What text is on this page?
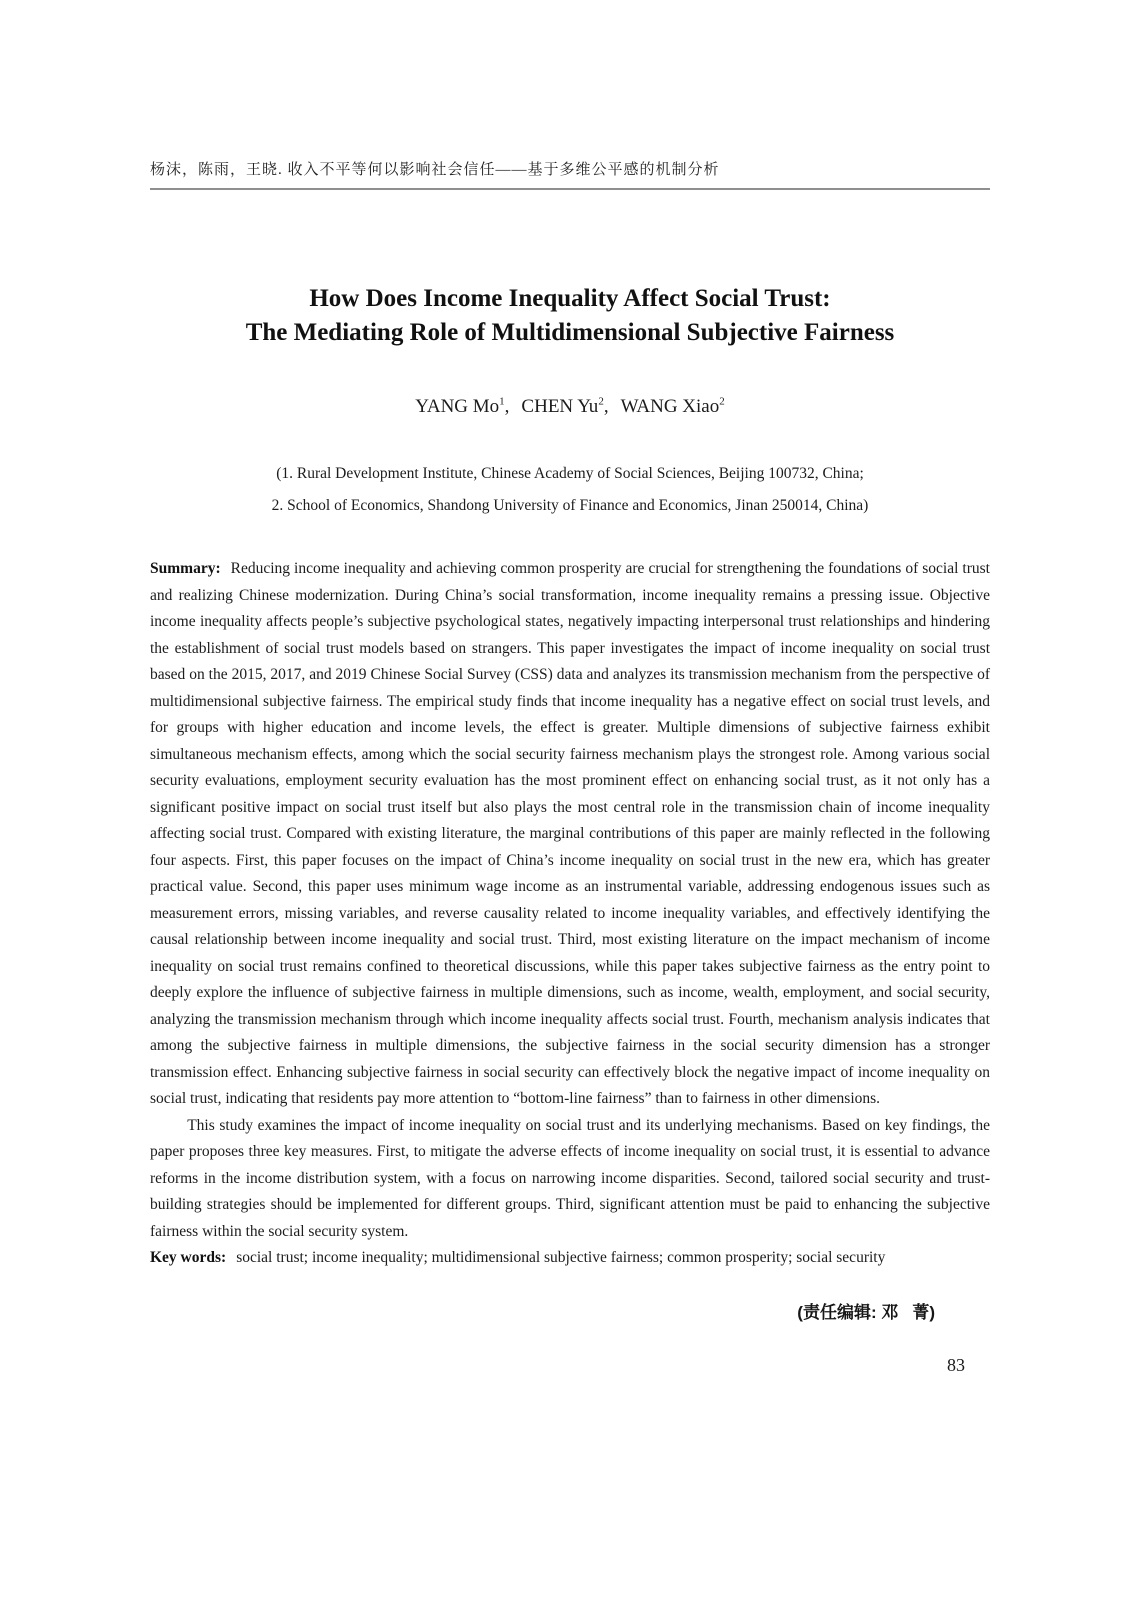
杨沫，陈雨，王晓. 收入不平等何以影响社会信任——基于多维公平感的机制分析
How Does Income Inequality Affect Social Trust:
The Mediating Role of Multidimensional Subjective Fairness
YANG Mo$^1$, CHEN Yu$^2$, WANG Xiao$^2$
(1. Rural Development Institute, Chinese Academy of Social Sciences, Beijing 100732, China;
2. School of Economics, Shandong University of Finance and Economics, Jinan 250014, China)

Summary: Reducing income inequality and achieving common prosperity are crucial for strengthening the foundations of social trust and realizing Chinese modernization. During China’s social transformation, income inequality remains a pressing issue. Objective income inequality affects people’s subjective psychological states, negatively impacting interpersonal trust relationships and hindering the establishment of social trust models based on strangers. This paper investigates the impact of income inequality on social trust based on the 2015, 2017, and 2019 Chinese Social Survey (CSS) data and analyzes its transmission mechanism from the perspective of multidimensional subjective fairness. The empirical study finds that income inequality has a negative effect on social trust levels, and for groups with higher education and income levels, the effect is greater. Multiple dimensions of subjective fairness exhibit simultaneous mechanism effects, among which the social security fairness mechanism plays the strongest role. Among various social security evaluations, employment security evaluation has the most prominent effect on enhancing social trust, as it not only has a significant positive impact on social trust itself but also plays the most central role in the transmission chain of income inequality affecting social trust. Compared with existing literature, the marginal contributions of this paper are mainly reflected in the following four aspects. First, this paper focuses on the impact of China’s income inequality on social trust in the new era, which has greater practical value. Second, this paper uses minimum wage income as an instrumental variable, addressing endogenous issues such as measurement errors, missing variables, and reverse causality related to income inequality variables, and effectively identifying the causal relationship between income inequality and social trust. Third, most existing literature on the impact mechanism of income inequality on social trust remains confined to theoretical discussions, while this paper takes subjective fairness as the entry point to deeply explore the influence of subjective fairness in multiple dimensions, such as income, wealth, employment, and social security, analyzing the transmission mechanism through which income inequality affects social trust. Fourth, mechanism analysis indicates that among the subjective fairness in multiple dimensions, the subjective fairness in the social security dimension has a stronger transmission effect. Enhancing subjective fairness in social security can effectively block the negative impact of income inequality on social trust, indicating that residents pay more attention to “bottom-line fairness” than to fairness in other dimensions.

This study examines the impact of income inequality on social trust and its underlying mechanisms. Based on key findings, the paper proposes three key measures. First, to mitigate the adverse effects of income inequality on social trust, it is essential to advance reforms in the income distribution system, with a focus on narrowing income disparities. Second, tailored social security and trust-building strategies should be implemented for different groups. Third, significant attention must be paid to enhancing the subjective fairness within the social security system.

Key words: social trust; income inequality; multidimensional subjective fairness; common prosperity; social security

(责任编辑: 邓 菁)
83
